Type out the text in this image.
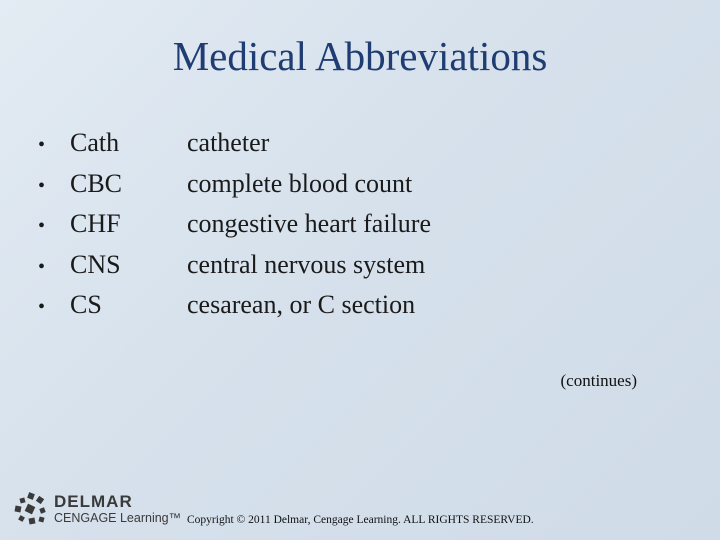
Medical Abbreviations
• Cath	catheter
• CBC	complete blood count
• CHF	congestive heart failure
• CNS	central nervous system
• CS	cesarean, or C section
(continues)
DELMAR
CENGAGE Learning™ Copyright © 2011 Delmar, Cengage Learning. ALL RIGHTS RESERVED.
